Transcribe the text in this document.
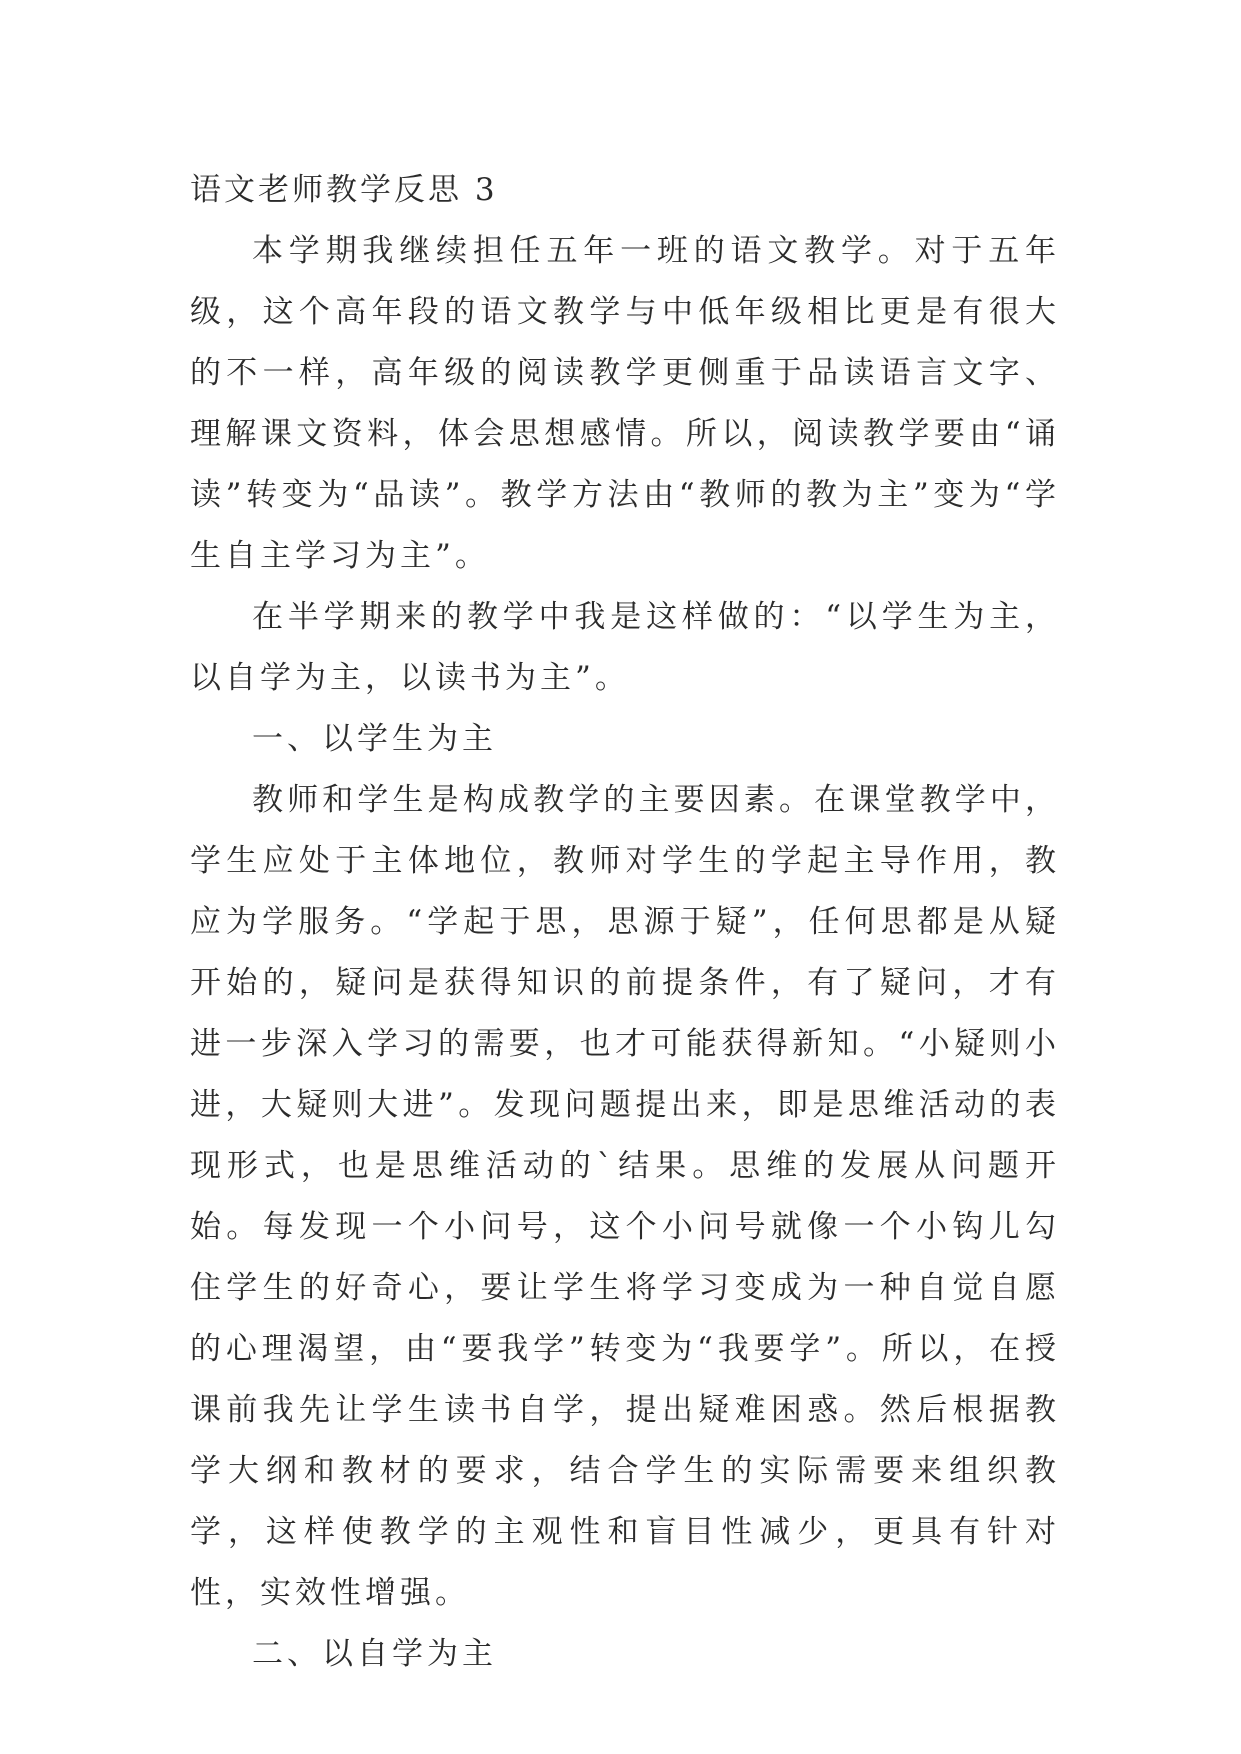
语文老师教学反思 3

本学期我继续担任五年一班的语文教学。对于五年级，这个高年段的语文教学与中低年级相比更是有很大的不一样，高年级的阅读教学更侧重于品读语言文字、理解课文资料，体会思想感情。所以，阅读教学要由“诵读”转变为“品读”。教学方法由“教师的教为主”变为“学生自主学习为主”。

在半学期来的教学中我是这样做的：“以学生为主，以自学为主，以读书为主”。

一、以学生为主

教师和学生是构成教学的主要因素。在课堂教学中，学生应处于主体地位，教师对学生的学起主导作用，教应为学服务。“学起于思，思源于疑”，任何思都是从疑开始的，疑问是获得知识的前提条件，有了疑问，才有进一步深入学习的需要，也才可能获得新知。“小疑则小进，大疑则大进”。发现问题提出来，即是思维活动的表现形式，也是思维活动的`结果。思维的发展从问题开始。每发现一个小问号，这个小问号就像一个小钩儿勾住学生的好奇心，要让学生将学习变成为一种自觉自愿的心理渴望，由“要我学”转变为“我要学”。所以，在授课前我先让学生读书自学，提出疑难困惑。然后根据教学大纲和教材的要求，结合学生的实际需要来组织教学，这样使教学的主观性和盲目性减少，更具有针对性，实效性增强。

二、以自学为主
